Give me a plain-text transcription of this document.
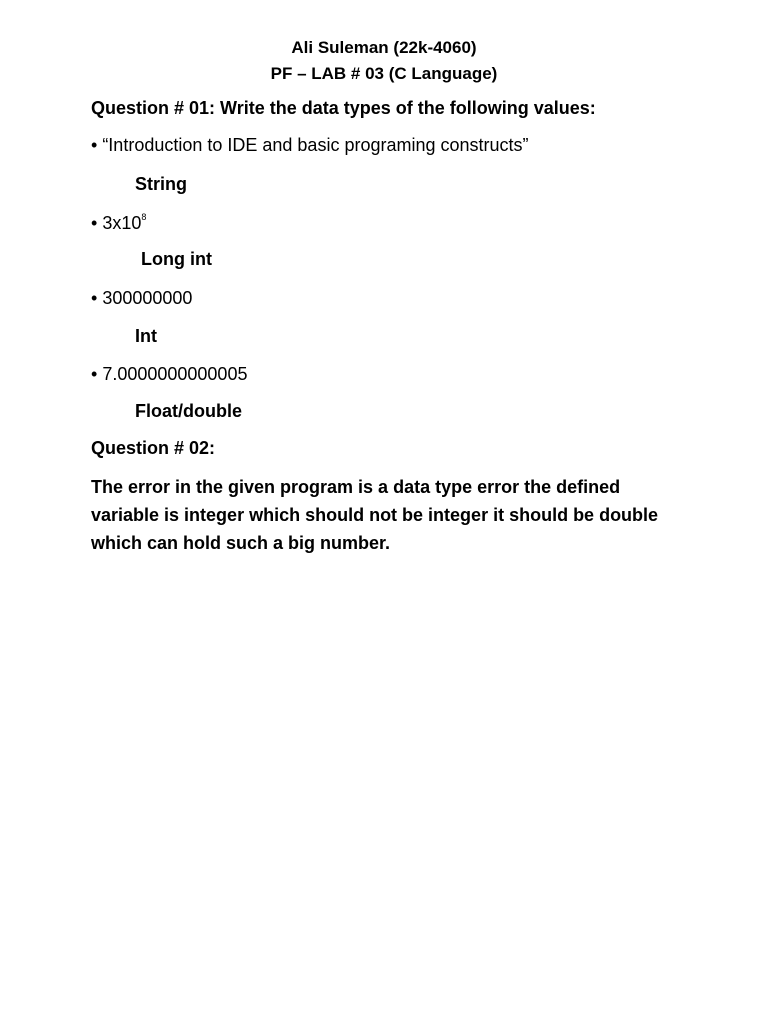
Ali Suleman (22k-4060)
PF – LAB # 03 (C Language)
Question # 01: Write the data types of the following values:
• “Introduction to IDE and basic programing constructs”
String
• $3x10^8$
Long int
• 300000000
Int
• 7.0000000000005
Float/double
Question # 02:
The error in the given program is a data type error the defined variable is integer which should not be integer it should be double which can hold such a big number.
